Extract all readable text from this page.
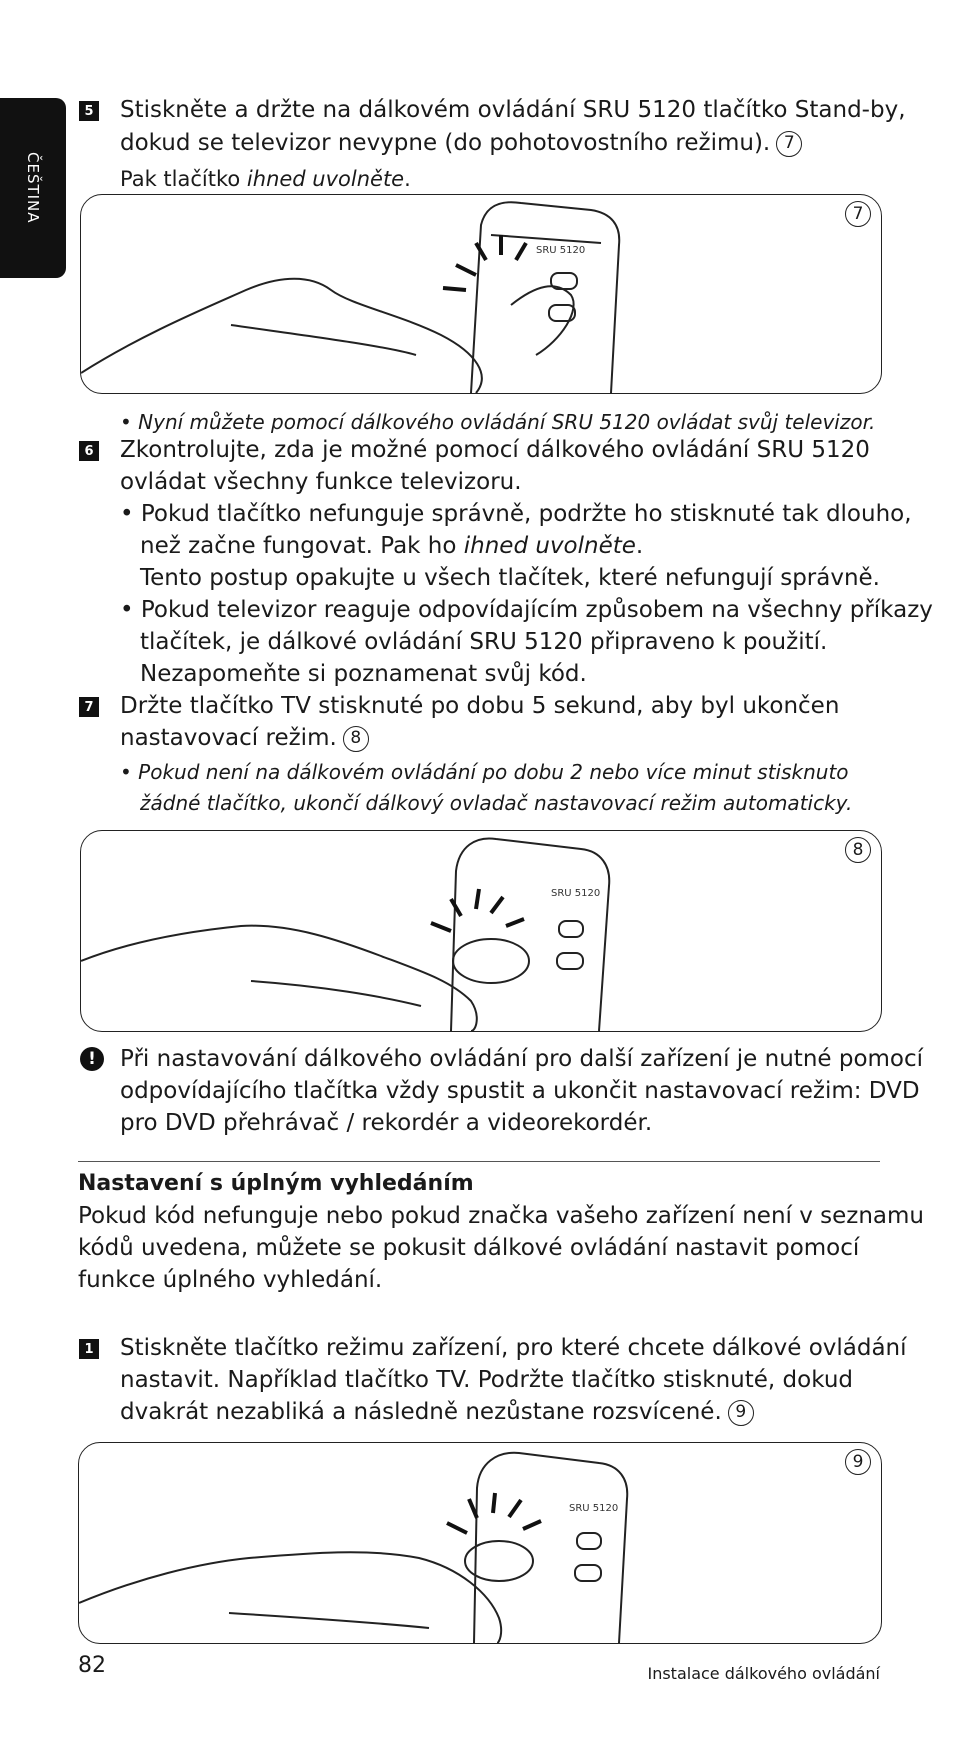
ČEŠTINA
5 Stiskněte a držte na dálkovém ovládání SRU 5120 tlačítko Stand-by,
dokud se televizor nevypne (do pohotovostního režimu). 7
Pak tlačítko ihned uvolněte.
SRU 5120
7
• Nyní můžete pomocí dálkového ovládání SRU 5120 ovládat svůj televizor.
6 Zkontrolujte, zda je možné pomocí dálkového ovládání SRU 5120
ovládat všechny funkce televizoru.
• Pokud tlačítko nefunguje správně, podržte ho stisknuté tak dlouho,
než začne fungovat. Pak ho ihned uvolněte.
Tento postup opakujte u všech tlačítek, které nefungují správně.
• Pokud televizor reaguje odpovídajícím způsobem na všechny příkazy
tlačítek, je dálkové ovládání SRU 5120 připraveno k použití.
Nezapomeňte si poznamenat svůj kód.
7 Držte tlačítko TV stisknuté po dobu 5 sekund, aby byl ukončen
nastavovací režim. 8
• Pokud není na dálkovém ovládání po dobu 2 nebo více minut stisknuto
žádné tlačítko, ukončí dálkový ovladač nastavovací režim automaticky.
SRU 5120
8
!	Při nastavování dálkového ovládání pro další zařízení je nutné pomocí
odpovídajícího tlačítka vždy spustit a ukončit nastavovací režim: DVD
pro DVD přehrávač / rekordér a videorekordér.
Nastavení s úplným vyhledáním
Pokud kód nefunguje nebo pokud značka vašeho zařízení není v seznamu
kódů uvedena, můžete se pokusit dálkové ovládání nastavit pomocí
funkce úplného vyhledání.
1 Stiskněte tlačítko režimu zařízení, pro které chcete dálkové ovládání
nastavit. Například tlačítko TV. Podržte tlačítko stisknuté, dokud
dvakrát nezabliká a následně nezůstane rozsvícené. 9
SRU 5120
9
82	Instalace dálkového ovládání
